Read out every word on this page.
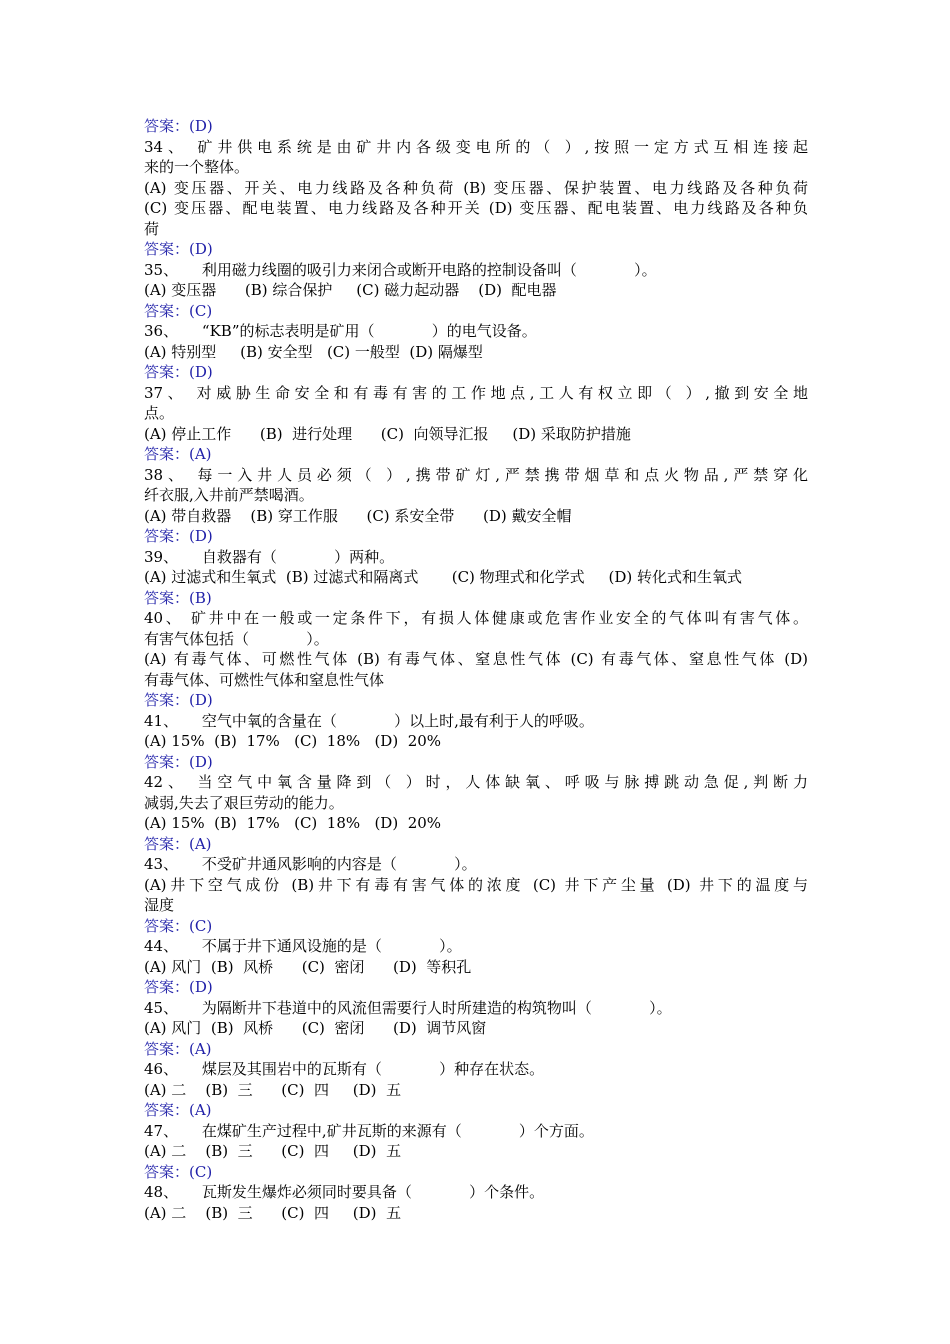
答案：(D)
34、 矿井供电系统是由矿井内各级变电所的（ ）,按照一定方式互相连接起
来的一个整体。
(A) 变压器、开关、电力线路及各种负荷 (B) 变压器、保护装置、电力线路及各种负荷
(C) 变压器、配电装置、电力线路及各种开关 (D) 变压器、配电装置、电力线路及各种负
荷
答案：(D)
35、     利用磁力线圈的吸引力来闭合或断开电路的控制设备叫（            ）。
(A) 变压器      (B) 综合保护     (C) 磁力起动器    (D)  配电器
答案：(C)
36、     “KB”的标志表明是矿用（            ）的电气设备。
(A) 特别型     (B) 安全型   (C) 一般型  (D) 隔爆型
答案：(D)
37、 对威胁生命安全和有毒有害的工作地点,工人有权立即（ ）,撤到安全地
点。
(A) 停止工作      (B)  进行处理      (C)  向领导汇报     (D) 采取防护措施
答案：(A)
38、 每一入井人员必须（ ）,携带矿灯,严禁携带烟草和点火物品,严禁穿化
纤衣服,入井前严禁喝酒。
(A) 带自救器    (B) 穿工作服      (C) 系安全带      (D) 戴安全帽
答案：(D)
39、     自救器有（            ）两种。
(A) 过滤式和生氧式  (B) 过滤式和隔离式       (C) 物理式和化学式     (D) 转化式和生氧式
答案：(B)
40、 矿井中在一般或一定条件下，有损人体健康或危害作业安全的气体叫有害气体。
有害气体包括（            ）。
(A) 有毒气体、可燃性气体 (B) 有毒气体、窒息性气体 (C) 有毒气体、窒息性气体 (D)
有毒气体、可燃性气体和窒息性气体
答案：(D)
41、     空气中氧的含量在（            ）以上时,最有利于人的呼吸。
(A) 15%  (B)  17%   (C)  18%   (D)  20%
答案：(D)
42、 当空气中氧含量降到（ ）时，人体缺氧、呼吸与脉搏跳动急促,判断力
减弱,失去了艰巨劳动的能力。
(A) 15%  (B)  17%   (C)  18%   (D)  20%
答案：(A)
43、     不受矿井通风影响的内容是（            ）。
(A)井下空气成份 (B)井下有毒有害气体的浓度 (C) 井下产尘量 (D) 井下的温度与
湿度
答案：(C)
44、     不属于井下通风设施的是（            ）。
(A) 风门  (B)  风桥      (C)  密闭      (D)  等积孔
答案：(D)
45、     为隔断井下巷道中的风流但需要行人时所建造的构筑物叫（            ）。
(A) 风门  (B)  风桥      (C)  密闭      (D)  调节风窗
答案：(A)
46、     煤层及其围岩中的瓦斯有（            ）种存在状态。
(A) 二    (B)  三      (C)  四     (D)  五
答案：(A)
47、     在煤矿生产过程中,矿井瓦斯的来源有（            ）个方面。
(A) 二    (B)  三      (C)  四     (D)  五
答案：(C)
48、     瓦斯发生爆炸必须同时要具备（            ）个条件。
(A) 二    (B)  三      (C)  四     (D)  五
